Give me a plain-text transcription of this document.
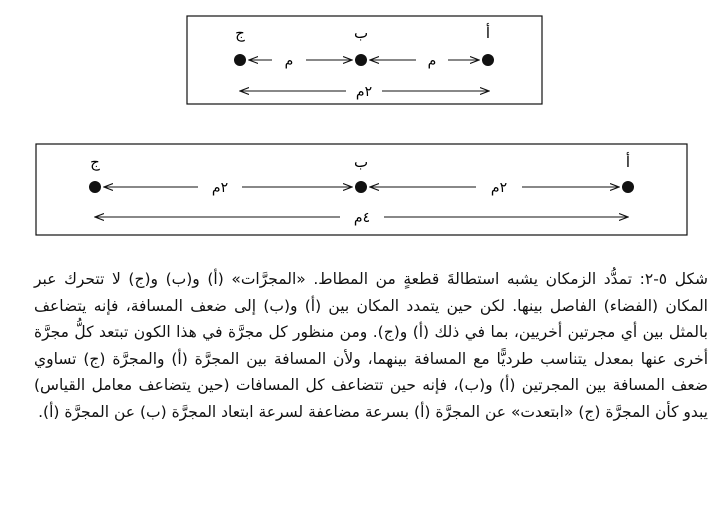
ج	ب	أ
م	م
٢م
ج	ب	أ
٢م	٢م
٤م

شكل ٥-٢: تمدُّد الزمكان يشبه استطالةَ قطعةٍ من المطاط. «المجرَّات» (أ) و(ب) و(ج) لا تتحرك عبر المكان (الفضاء) الفاصل بينها. لكن حين يتمدد المكان بين (أ) و(ب) إلى ضعف المسافة، فإنه يتضاعف بالمثل بين أي مجرتين أخريين، بما في ذلك (أ) و(ج). ومن منظور كل مجرَّة في هذا الكون تبتعد كلُّ مجرَّة أخرى عنها بمعدل يتناسب طرديًّا مع المسافة بينهما، ولأن المسافة بين المجرَّة (أ) والمجرَّة (ج) تساوي ضعف المسافة بين المجرتين (أ) و(ب)، فإنه حين تتضاعف كل المسافات (حين يتضاعف معامل القياس) يبدو كأن المجرَّة (ج) «ابتعدت» عن المجرَّة (أ) بسرعة مضاعفة لسرعة ابتعاد المجرَّة (ب) عن المجرَّة (أ).
